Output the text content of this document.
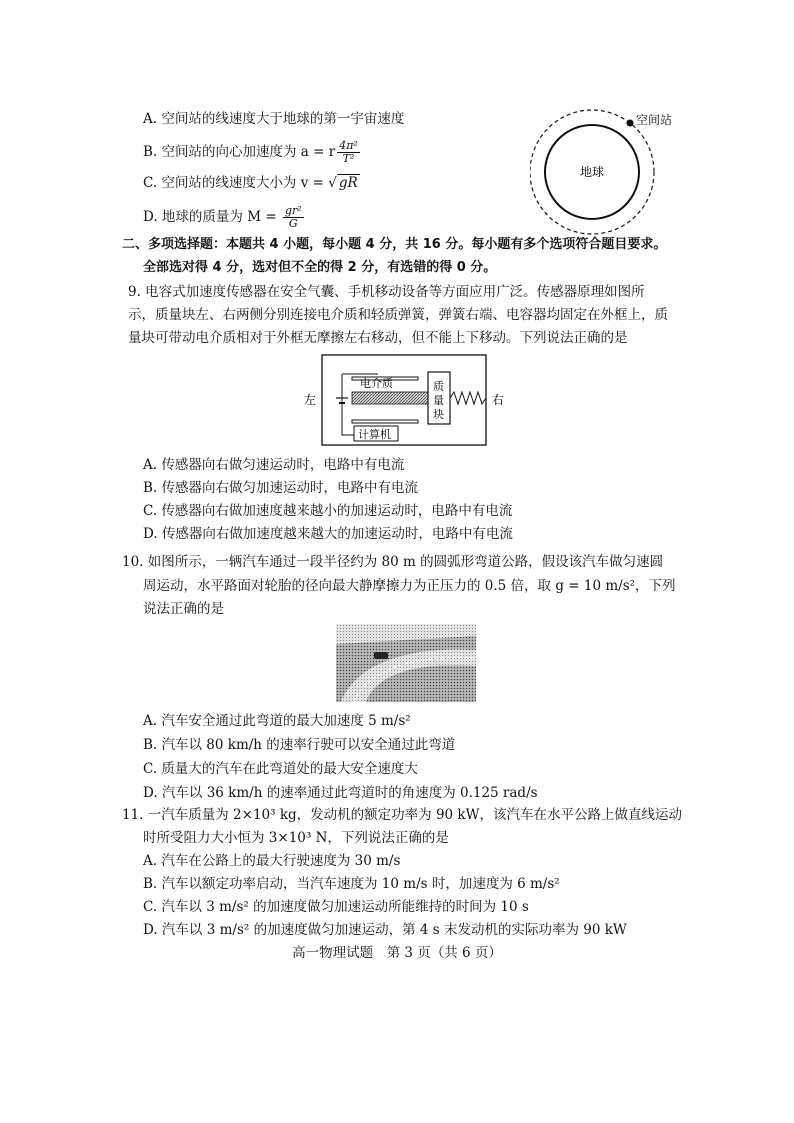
A. 空间站的线速度大于地球的第一宇宙速度
B. 空间站的向心加速度为 a = r $\frac{\text{4π²}}{\text{T²}}$
C. 空间站的线速度大小为 v = √ gR
D. 地球的质量为 $M = \frac{\text{gr²}}{G}$
地球
空间站
二、多项选择题：本题共 4 小题，每小题 4 分，共 16 分。每小题有多个选项符合题目要求。
全部选对得 4 分，选对但不全的得 2 分，有选错的得 0 分。
9. 电容式加速度传感器在安全气囊、手机移动设备等方面应用广泛。传感器原理如图所
示，质量块左、右两侧分别连接电介质和轻质弹簧，弹簧右端、电容器均固定在外框上，质
量块可带动电介质相对于外框无摩擦左右移动，但不能上下移动。下列说法正确的是
左	右
电介质	质
量
块
计算机
A. 传感器向右做匀速运动时，电路中有电流
B. 传感器向右做匀加速运动时，电路中有电流
C. 传感器向右做加速度越来越小的加速运动时，电路中有电流
D. 传感器向右做加速度越来越大的加速运动时，电路中有电流
10. 如图所示，一辆汽车通过一段半径约为 80 m 的圆弧形弯道公路，假设该汽车做匀速圆
周运动，水平路面对轮胎的径向最大静摩擦力为正压力的 0.5 倍，取 g = 10 m/s²，下列
说法正确的是
A. 汽车安全通过此弯道的最大加速度 5 m/s²
B. 汽车以 80 km/h 的速率行驶可以安全通过此弯道
C. 质量大的汽车在此弯道处的最大安全速度大
D. 汽车以 36 km/h 的速率通过此弯道时的角速度为 0.125 rad/s
11. 一汽车质量为 2×10³ kg，发动机的额定功率为 90 kW，该汽车在水平公路上做直线运动
时所受阻力大小恒为 3×10³ N，下列说法正确的是
A. 汽车在公路上的最大行驶速度为 30 m/s
B. 汽车以额定功率启动，当汽车速度为 10 m/s 时，加速度为 6 m/s²
C. 汽车以 3 m/s² 的加速度做匀加速运动所能维持的时间为 10 s
D. 汽车以 3 m/s² 的加速度做匀加速运动，第 4 s 末发动机的实际功率为 90 kW
高一物理试题　第 3 页（共 6 页）
